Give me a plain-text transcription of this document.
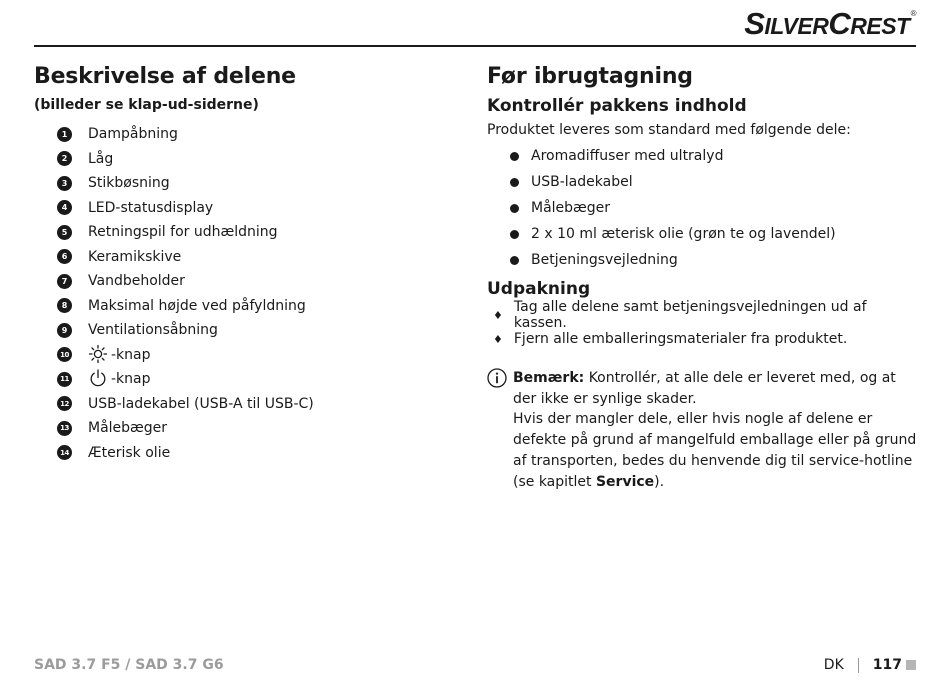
SILVERCREST®
Beskrivelse af delene
(billeder se klap-ud-siderne)
1	Dampåbning
2	Låg
3	Stikbøsning
4	LED-statusdisplay
5	Retningspil for udhældning
6	Keramikskive
7	Vandbeholder
8	Maksimal højde ved påfyldning
9	Ventilationsåbning
10	-knap
11	-knap
12 USB-ladekabel (USB-A til USB-C)
13 Målebæger
14 Æterisk olie
Før ibrugtagning
Kontrollér pakkens indhold
Produktet leveres som standard med følgende dele:
Aromadiffuser med ultralyd
USB-ladekabel
Målebæger
2 x 10 ml æterisk olie (grøn te og lavendel)
Betjeningsvejledning
Udpakning
♦ Tag alle delene samt betjeningsvejledningen ud af kassen.
♦ Fjern alle emballeringsmaterialer fra produktet.
Bemærk: Kontrollér, at alle dele er leveret med, og at der ikke er synlige skader.
Hvis der mangler dele, eller hvis nogle af delene er defekte på grund af mangelfuld emballage eller på grund af transporten, bedes du henvende dig til service-hotline (se kapitlet Service).
SAD 3.7 F5 / SAD 3.7 G6	DK 117
